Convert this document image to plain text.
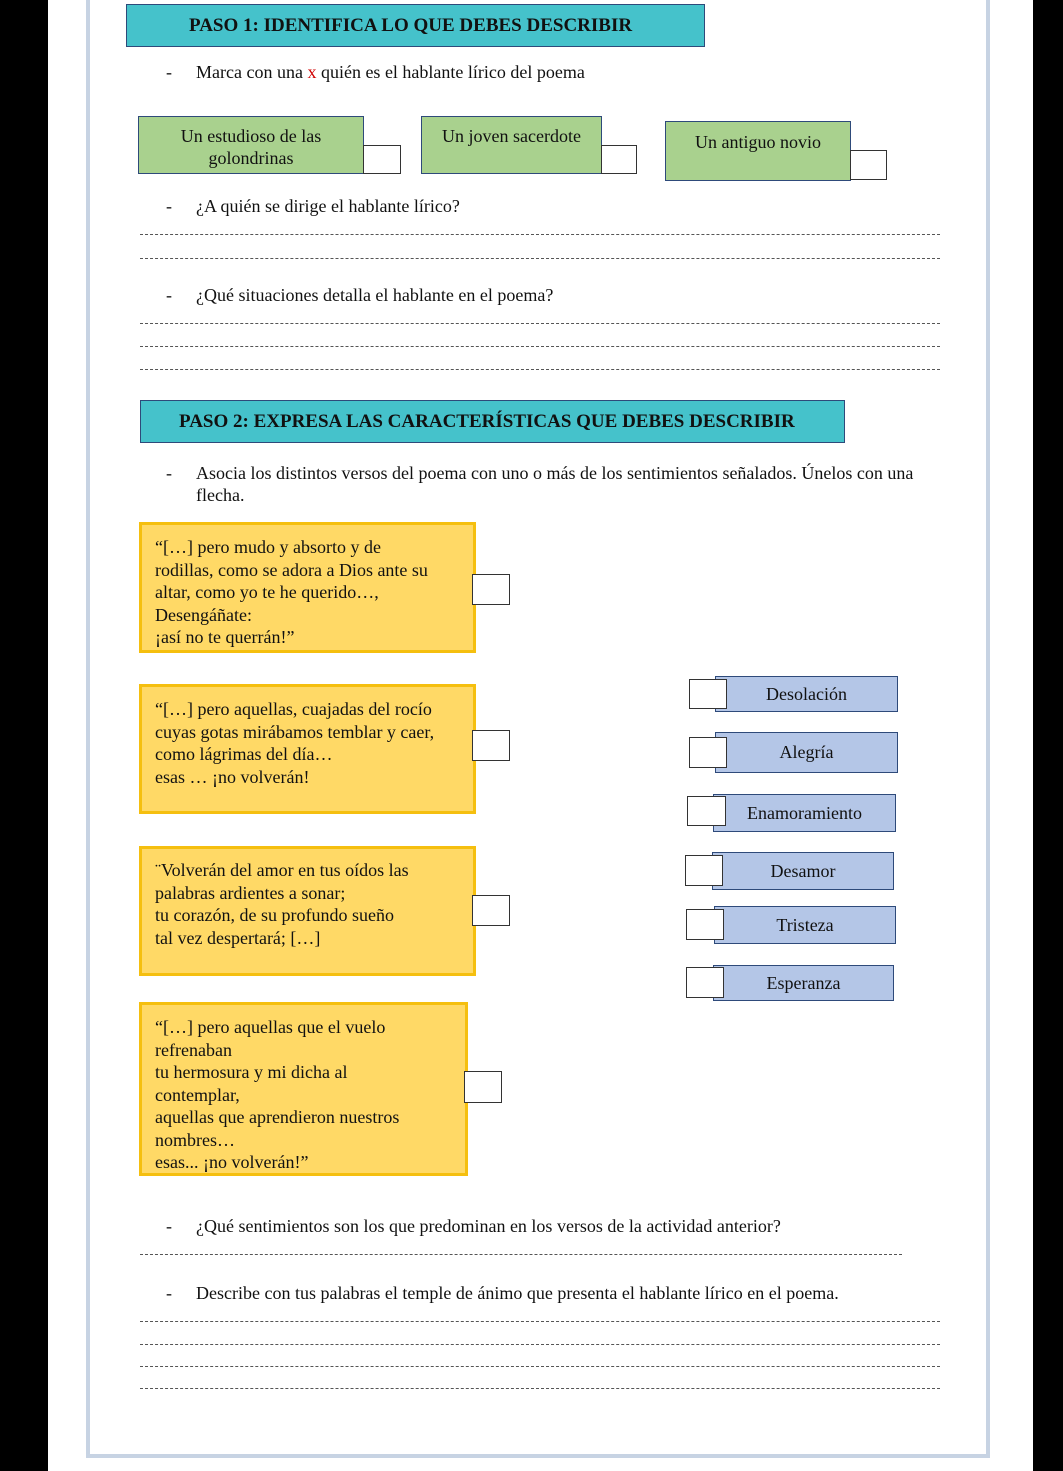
PASO 1: IDENTIFICA LO QUE DEBES DESCRIBIR
-	Marca con una x quién es el hablante lírico del poema
Un estudioso de las golondrinas
Un joven sacerdote	Un antiguo novio
-	¿A quién se dirige el hablante lírico?
-	¿Qué situaciones detalla el hablante en el poema?
PASO 2: EXPRESA LAS CARACTERÍSTICAS QUE DEBES DESCRIBIR
-	Asocia los distintos versos del poema con uno o más de los sentimientos señalados. Únelos con una flecha.
“[…] pero mudo y absorto y de
rodillas, como se adora a Dios ante su
altar, como yo te he querido…,
Desengáñate:
¡así no te querrán!”
“[…] pero aquellas, cuajadas del rocío
cuyas gotas mirábamos temblar y caer,
como lágrimas del día…
esas … ¡no volverán!
¨Volverán del amor en tus oídos las
palabras ardientes a sonar;
tu corazón, de su profundo sueño
tal vez despertará; […]
“[…] pero aquellas que el vuelo
refrenaban
tu hermosura y mi dicha al
contemplar,
aquellas que aprendieron nuestros
nombres…
esas... ¡no volverán!”
Desolación
Alegría
Enamoramiento
Desamor
Tristeza
Esperanza
-	¿Qué sentimientos son los que predominan en los versos de la actividad anterior?
-	Describe con tus palabras el temple de ánimo que presenta el hablante lírico en el poema.
